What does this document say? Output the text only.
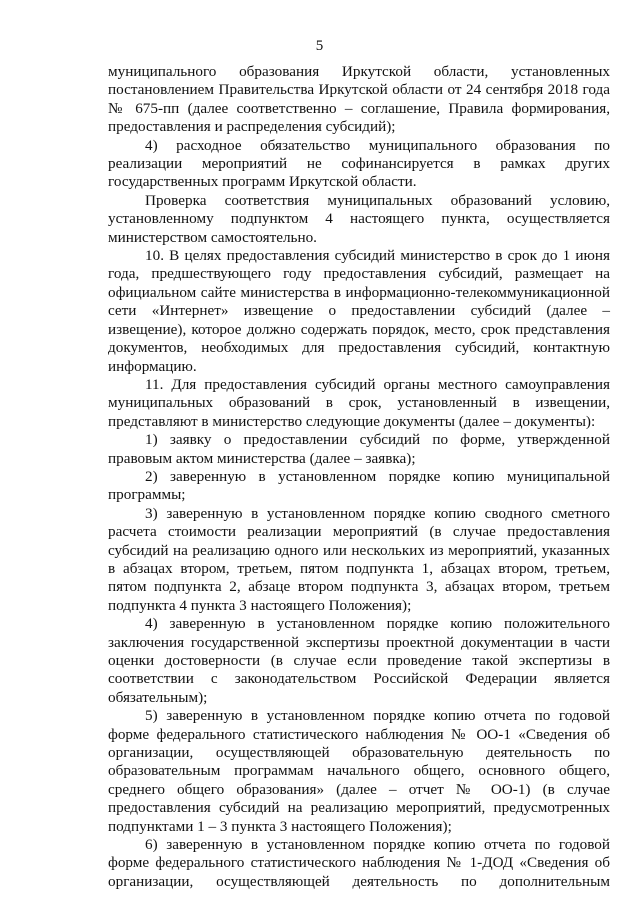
5

муниципального образования Иркутской области, установленных постановлением Правительства Иркутской области от 24 сентября 2018 года № 675-пп (далее соответственно – соглашение, Правила формирования, предоставления и распределения субсидий);

4) расходное обязательство муниципального образования по реализации мероприятий не софинансируется в рамках других государственных программ Иркутской области.

Проверка соответствия муниципальных образований условию, установленному подпунктом 4 настоящего пункта, осуществляется министерством самостоятельно.

10. В целях предоставления субсидий министерство в срок до 1 июня года, предшествующего году предоставления субсидий, размещает на официальном сайте министерства в информационно-телекоммуникационной сети «Интернет» извещение о предоставлении субсидий (далее – извещение), которое должно содержать порядок, место, срок представления документов, необходимых для предоставления субсидий, контактную информацию.

11. Для предоставления субсидий органы местного самоуправления муниципальных образований в срок, установленный в извещении, представляют в министерство следующие документы (далее – документы):

1) заявку о предоставлении субсидий по форме, утвержденной правовым актом министерства (далее – заявка);

2) заверенную в установленном порядке копию муниципальной программы;

3) заверенную в установленном порядке копию сводного сметного расчета стоимости реализации мероприятий (в случае предоставления субсидий на реализацию одного или нескольких из мероприятий, указанных в абзацах втором, третьем, пятом подпункта 1, абзацах втором, третьем, пятом подпункта 2, абзаце втором подпункта 3, абзацах втором, третьем подпункта 4 пункта 3 настоящего Положения);

4) заверенную в установленном порядке копию положительного заключения государственной экспертизы проектной документации в части оценки достоверности (в случае если проведение такой экспертизы в соответствии с законодательством Российской Федерации является обязательным);

5) заверенную в установленном порядке копию отчета по годовой форме федерального статистического наблюдения № ОО-1 «Сведения об организации, осуществляющей образовательную деятельность по образовательным программам начального общего, основного общего, среднего общего образования» (далее – отчет № ОО-1) (в случае предоставления субсидий на реализацию мероприятий, предусмотренных подпунктами 1 – 3 пункта 3 настоящего Положения);

6) заверенную в установленном порядке копию отчета по годовой форме федерального статистического наблюдения № 1-ДОД «Сведения об организации, осуществляющей деятельность по дополнительным
